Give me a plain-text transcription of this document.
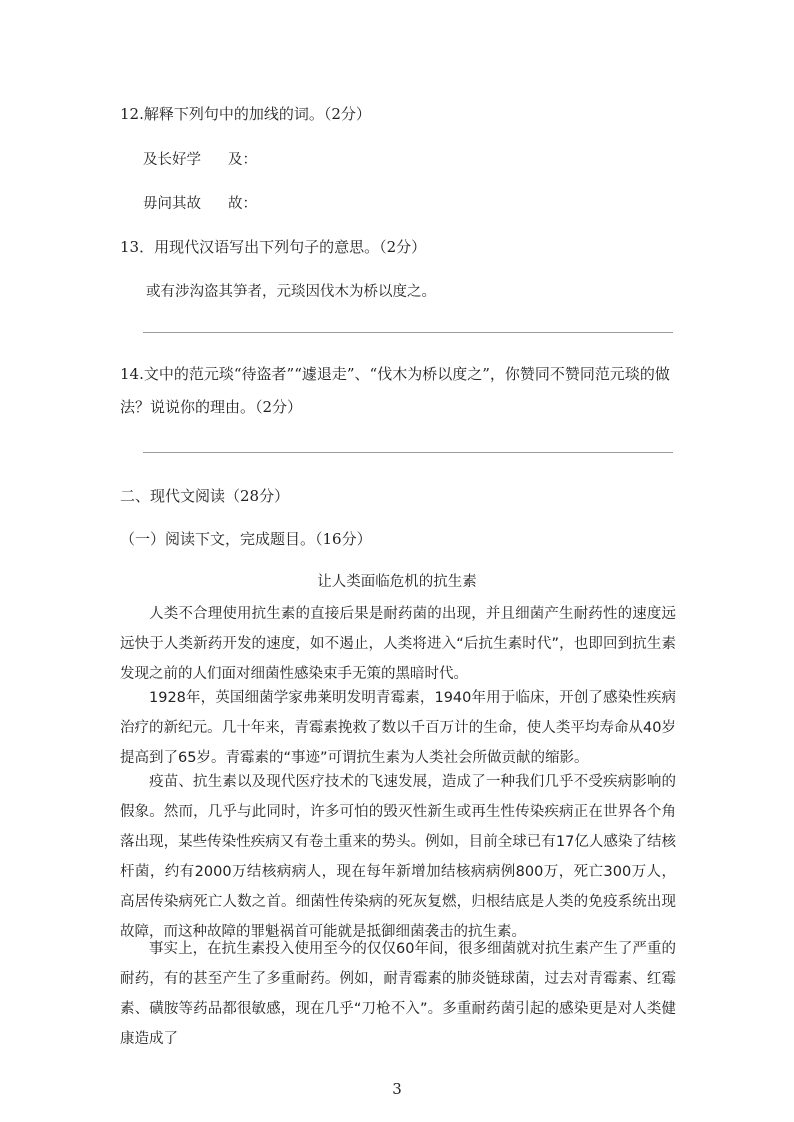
12.解释下列句中的加线的词。（2分）
及长好学 及：
毋问其故 故：
13．用现代汉语写出下列句子的意思。（2分）
或有涉沟盗其笋者，元琰因伐木为桥以度之。
14.文中的范元琰“待盗者”“遽退走”、“伐木为桥以度之”，你赞同不赞同范元琰的做
法？说说你的理由。（2分）
二、现代文阅读（28分）
（一）阅读下文，完成题目。（16分）
让人类面临危机的抗生素
人类不合理使用抗生素的直接后果是耐药菌的出现，并且细菌产生耐药性的速度远远快于人类新药开发的速度，如不遏止，人类将进入“后抗生素时代”，也即回到抗生素发现之前的人们面对细菌性感染束手无策的黑暗时代。
1928年，英国细菌学家弗莱明发明青霉素，1940年用于临床，开创了感染性疾病治疗的新纪元。几十年来，青霉素挽救了数以千百万计的生命，使人类平均寿命从40岁提高到了65岁。青霉素的“事迹”可谓抗生素为人类社会所做贡献的缩影。
疫苗、抗生素以及现代医疗技术的飞速发展，造成了一种我们几乎不受疾病影响的假象。然而，几乎与此同时，许多可怕的毁灭性新生或再生性传染疾病正在世界各个角落出现，某些传染性疾病又有卷土重来的势头。例如，目前全球已有17亿人感染了结核杆菌，约有2000万结核病病人，现在每年新增加结核病病例800万，死亡300万人，高居传染病死亡人数之首。细菌性传染病的死灰复燃，归根结底是人类的免疫系统出现故障，而这种故障的罪魁祸首可能就是抵御细菌袭击的抗生素。
事实上，在抗生素投入使用至今的仅仅60年间，很多细菌就对抗生素产生了严重的耐药，有的甚至产生了多重耐药。例如，耐青霉素的肺炎链球菌，过去对青霉素、红霉素、磺胺等药品都很敏感，现在几乎“刀枪不入”。多重耐药菌引起的感染更是对人类健康造成了
3
